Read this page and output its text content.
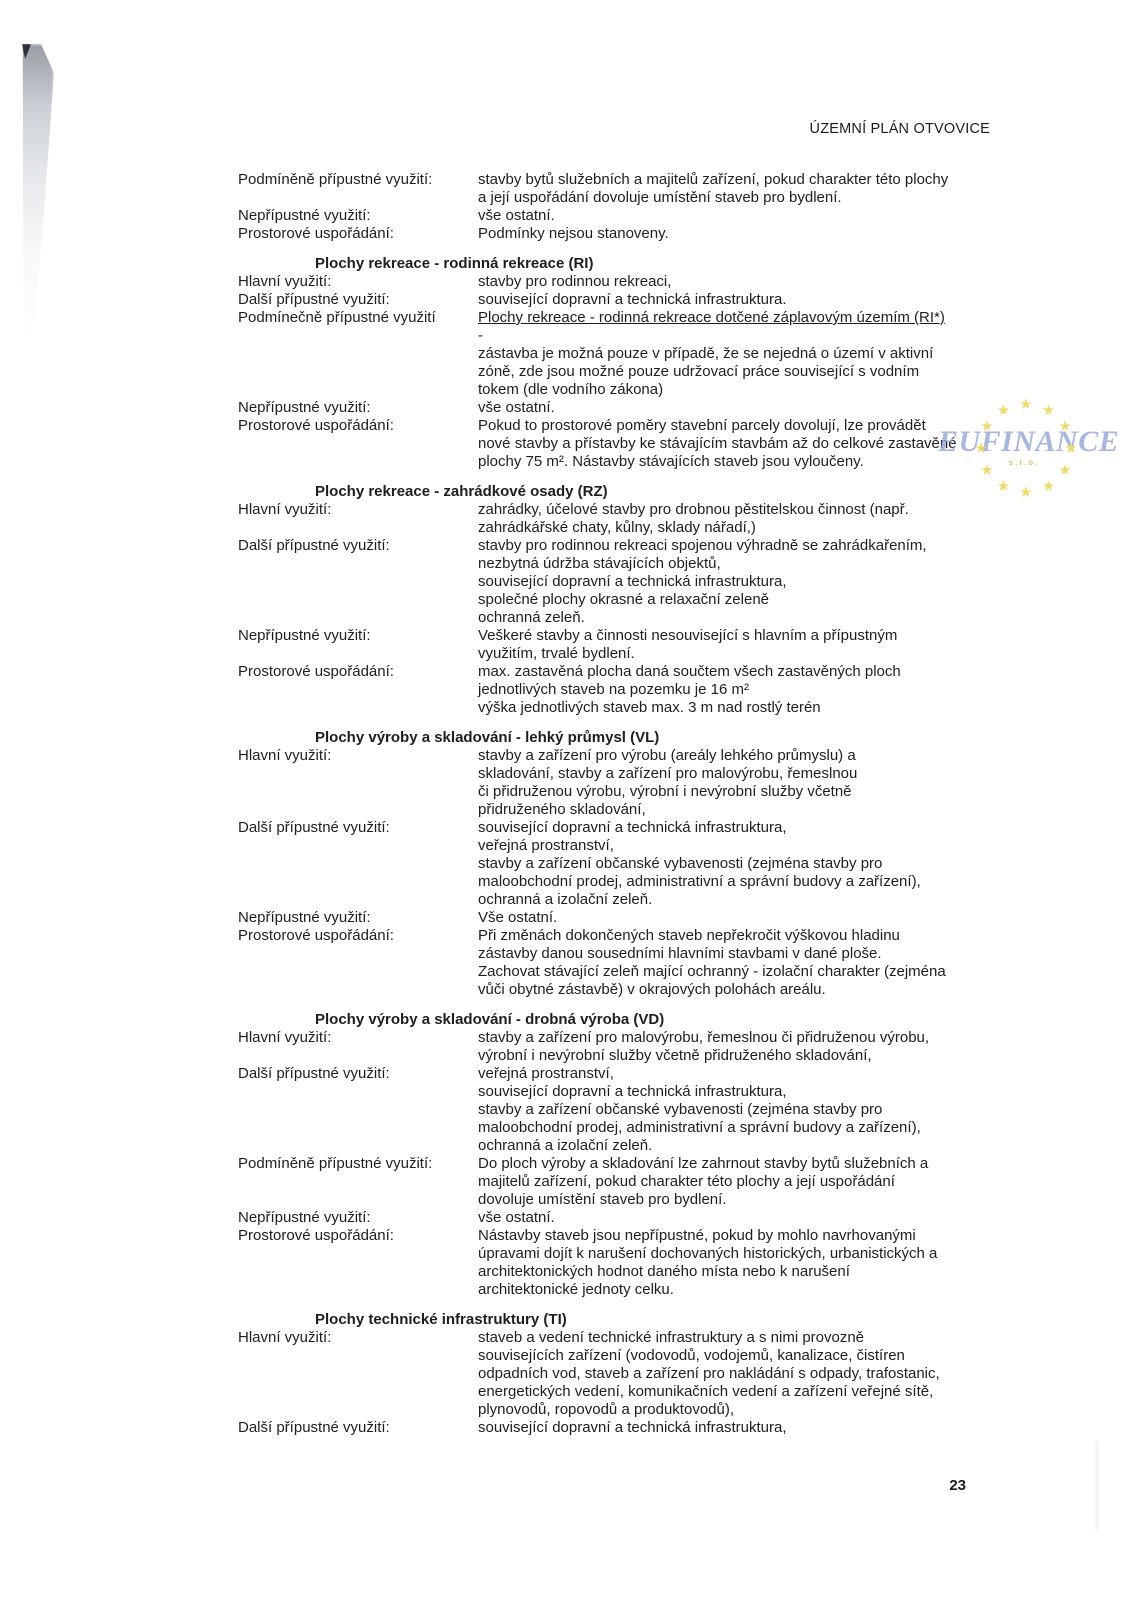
ÚZEMNÍ PLÁN OTVOVICE
Podmíněně přípustné využití:	stavby bytů služebních a majitelů zařízení, pokud charakter této plochy
a její uspořádání dovoluje umístění staveb pro bydlení.
Nepřípustné využití:	vše ostatní.
Prostorové uspořádání:	Podmínky nejsou stanoveny.
Plochy rekreace - rodinná rekreace (RI)
Hlavní využití:	stavby pro rodinnou rekreaci,
Další přípustné využití:	související dopravní a technická infrastruktura.
Podmínečně přípustné využití	Plochy rekreace - rodinná rekreace dotčené záplavovým územím (RI*)
-
zástavba je možná pouze v případě, že se nejedná o území v aktivní
zóně, zde jsou možné pouze udržovací práce související s vodním
tokem (dle vodního zákona)
Nepřípustné využití:	vše ostatní.
Prostorové uspořádání:	Pokud to prostorové poměry stavební parcely dovolují, lze provádět
nové stavby a přístavby ke stávajícím stavbám až do celkové zastavěné
plochy 75 m². Nástavby stávajících staveb jsou vyloučeny.
Plochy rekreace - zahrádkové osady (RZ)
Hlavní využití:	zahrádky, účelové stavby pro drobnou pěstitelskou činnost (např.
zahrádkářské chaty, kůlny, sklady nářadí,)
Další přípustné využití:	stavby pro rodinnou rekreaci spojenou výhradně se zahrádkařením,
nezbytná údržba stávajících objektů,
související dopravní a technická infrastruktura,
společné plochy okrasné a relaxační zeleně
ochranná zeleň.
Nepřípustné využití:	Veškeré stavby a činnosti nesouvisející s hlavním a přípustným
využitím, trvalé bydlení.
Prostorové uspořádání:	max. zastavěná plocha daná součtem všech zastavěných ploch
jednotlivých staveb na pozemku je 16 m²
výška jednotlivých staveb max. 3 m nad rostlý terén
Plochy výroby a skladování - lehký průmysl (VL)
Hlavní využití:	stavby a zařízení pro výrobu (areály lehkého průmyslu) a
skladování, stavby a zařízení pro malovýrobu, řemeslnou
či přidruženou výrobu, výrobní i nevýrobní služby včetně
přidruženého skladování,
Další přípustné využití:	související dopravní a technická infrastruktura,
veřejná prostranství,
stavby a zařízení občanské vybavenosti (zejména stavby pro
maloobchodní prodej, administrativní a správní budovy a zařízení),
ochranná a izolační zeleň.
Nepřípustné využití:	Vše ostatní.
Prostorové uspořádání:	Při změnách dokončených staveb nepřekročit výškovou hladinu
zástavby danou sousedními hlavními stavbami v dané ploše.
Zachovat stávající zeleň mající ochranný - izolační charakter (zejména
vůči obytné zástavbě) v okrajových polohách areálu.
Plochy výroby a skladování - drobná výroba (VD)
Hlavní využití:	stavby a zařízení pro malovýrobu, řemeslnou či přidruženou výrobu,
výrobní i nevýrobní služby včetně přidruženého skladování,
Další přípustné využití:	veřejná prostranství,
související dopravní a technická infrastruktura,
stavby a zařízení občanské vybavenosti (zejména stavby pro
maloobchodní prodej, administrativní a správní budovy a zařízení),
ochranná a izolační zeleň.
Podmíněně přípustné využití:	Do ploch výroby a skladování lze zahrnout stavby bytů služebních a
majitelů zařízení, pokud charakter této plochy a její uspořádání
dovoluje umístění staveb pro bydlení.
Nepřípustné využití:	vše ostatní.
Prostorové uspořádání:	Nástavby staveb jsou nepřípustné, pokud by mohlo navrhovanými
úpravami dojít k narušení dochovaných historických, urbanistických a
architektonických hodnot daného místa nebo k narušení
architektonické jednoty celku.
Plochy technické infrastruktury (TI)
Hlavní využití:	staveb a vedení technické infrastruktury a s nimi provozně
souvisejících zařízení (vodovodů, vodojemů, kanalizace, čistíren
odpadních vod, staveb a zařízení pro nakládání s odpady, trafostanic,
energetických vedení, komunikačních vedení a zařízení veřejné sítě,
plynovodů, ropovodů a produktovodů),
Další přípustné využití:	související dopravní a technická infrastruktura,
EUFINANCE
s.r.o.
★
★
★
★
★
★
★
★
★
★
★
★
23
